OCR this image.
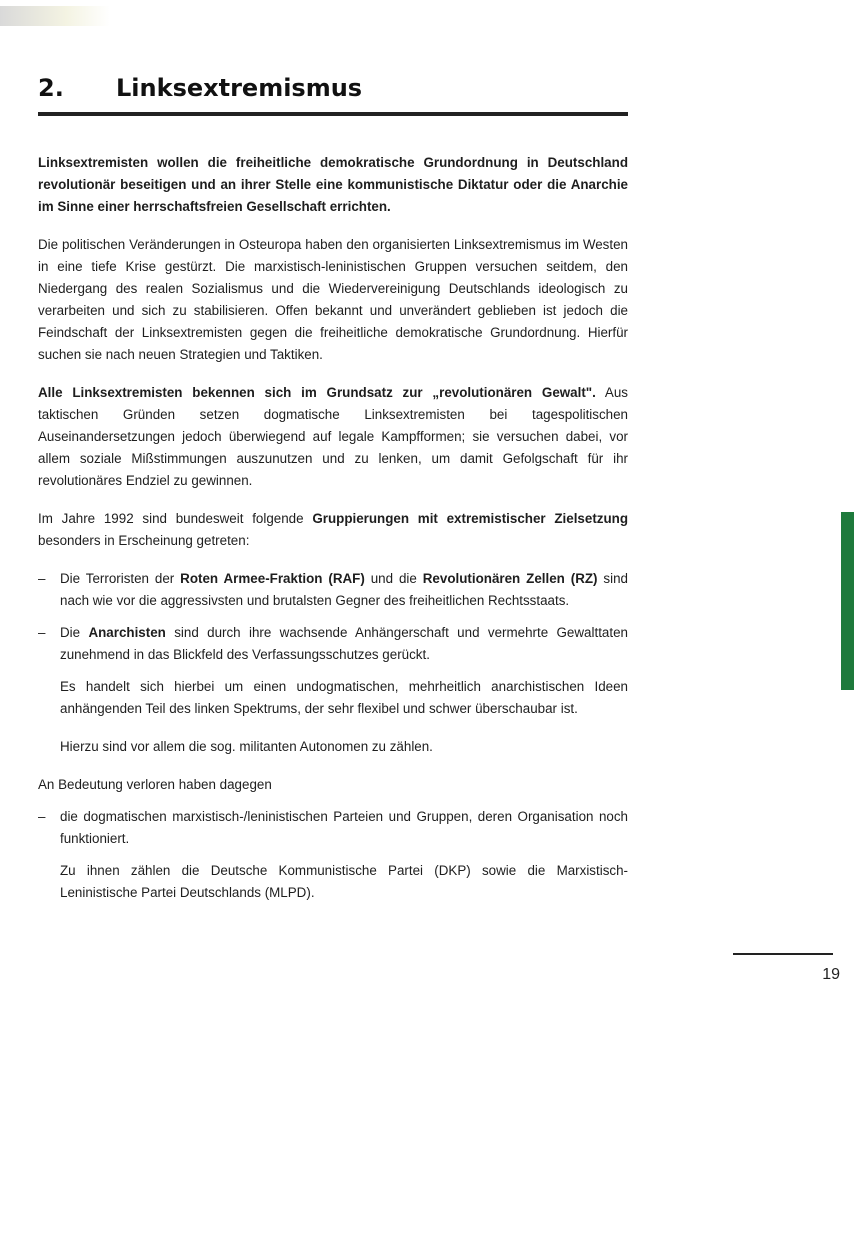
2. Linksextremismus

Linksextremisten wollen die freiheitliche demokratische Grundordnung in Deutschland revolutionär beseitigen und an ihrer Stelle eine kommunistische Diktatur oder die Anarchie im Sinne einer herrschaftsfreien Gesellschaft errichten.

Die politischen Veränderungen in Osteuropa haben den organisierten Linksextremismus im Westen in eine tiefe Krise gestürzt. Die marxistisch-leninistischen Gruppen versuchen seitdem, den Niedergang des realen Sozialismus und die Wiedervereinigung Deutschlands ideologisch zu verarbeiten und sich zu stabilisieren. Offen bekannt und unverändert geblieben ist jedoch die Feindschaft der Linksextremisten gegen die freiheitliche demokratische Grundordnung. Hierfür suchen sie nach neuen Strategien und Taktiken.

Alle Linksextremisten bekennen sich im Grundsatz zur „revolutionären Gewalt". Aus taktischen Gründen setzen dogmatische Linksextremisten bei tagespolitischen Auseinandersetzungen jedoch überwiegend auf legale Kampfformen; sie versuchen dabei, vor allem soziale Mißstimmungen auszunutzen und zu lenken, um damit Gefolgschaft für ihr revolutionäres Endziel zu gewinnen.

Im Jahre 1992 sind bundesweit folgende Gruppierungen mit extremistischer Zielsetzung besonders in Erscheinung getreten:

– Die Terroristen der Roten Armee-Fraktion (RAF) und die Revolutionären Zellen (RZ) sind nach wie vor die aggressivsten und brutalsten Gegner des freiheitlichen Rechtsstaats.
– Die Anarchisten sind durch ihre wachsende Anhängerschaft und vermehrte Gewalttaten zunehmend in das Blickfeld des Verfassungsschutzes gerückt.

Es handelt sich hierbei um einen undogmatischen, mehrheitlich anarchistischen Ideen anhängenden Teil des linken Spektrums, der sehr flexibel und schwer überschaubar ist.

Hierzu sind vor allem die sog. militanten Autonomen zu zählen.

An Bedeutung verloren haben dagegen

– die dogmatischen marxistisch-/leninistischen Parteien und Gruppen, deren Organisation noch funktioniert.

Zu ihnen zählen die Deutsche Kommunistische Partei (DKP) sowie die Marxistisch-Leninistische Partei Deutschlands (MLPD).

19
